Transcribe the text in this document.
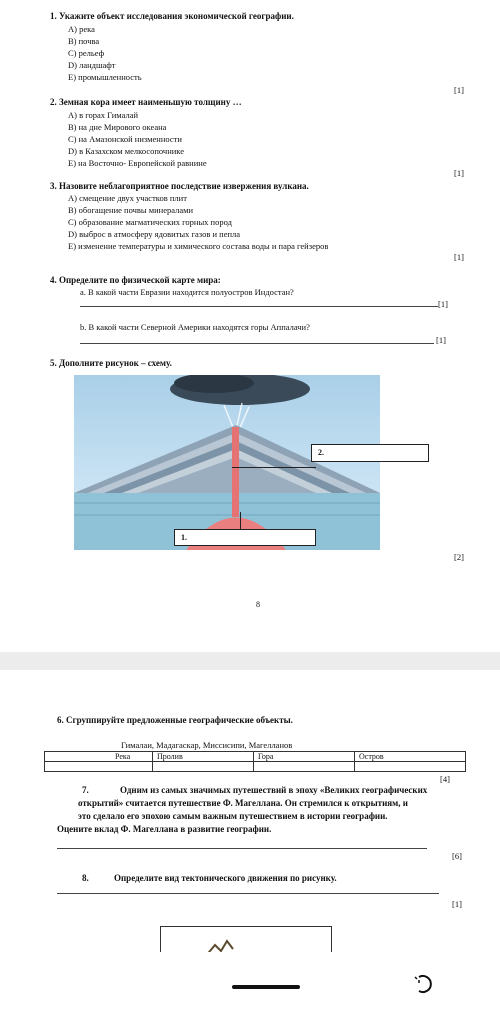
1. Укажите объект исследования экономической географии.
A) река
B) почва
C) рельеф
D) ландшафт
E) промышленность
[1]
2. Земная кора имеет наименьшую толщину …
A) в горах Гималай
B) на дне Мирового океана
C) на Амазонской низменности
D) в Казахском мелкосопочнике
E) на Восточно- Европейской равнине
[1]
3. Назовите неблагоприятное последствие извержения вулкана.
A) смещение двух участков плит
B) обогащение почвы минералами
C) образование магматических горных пород
D) выброс в атмосферу ядовитых газов и пепла
E) изменение температуры и химического состава воды и пара гейзеров
[1]
4. Определите по физической карте мира:
a. В какой части Евразии находится полуостров Индостан?
[1]
b. В какой части Северной Америки находятся горы Аппалачи?
[1]
5. Дополните рисунок – схему.
2.
1.
[2]
8
6. Сгруппируйте предложенные географические объекты.
Гималаи, Мадагаскар, Миссисипи, Магелланов
Река	Пролив	Гора	Остров

[4]
7.	Одним из самых значимых путешествий в эпоху «Великих географических
открытий» считается путешествие Ф. Магеллана. Он стремился к открытиям, и
это сделало его эпохою самым важным путешествием в истории географии.
Оцените вклад Ф. Магеллана в развитие географии.
[6]
8.	Определите вид тектонического движения по рисунку.
[1]
